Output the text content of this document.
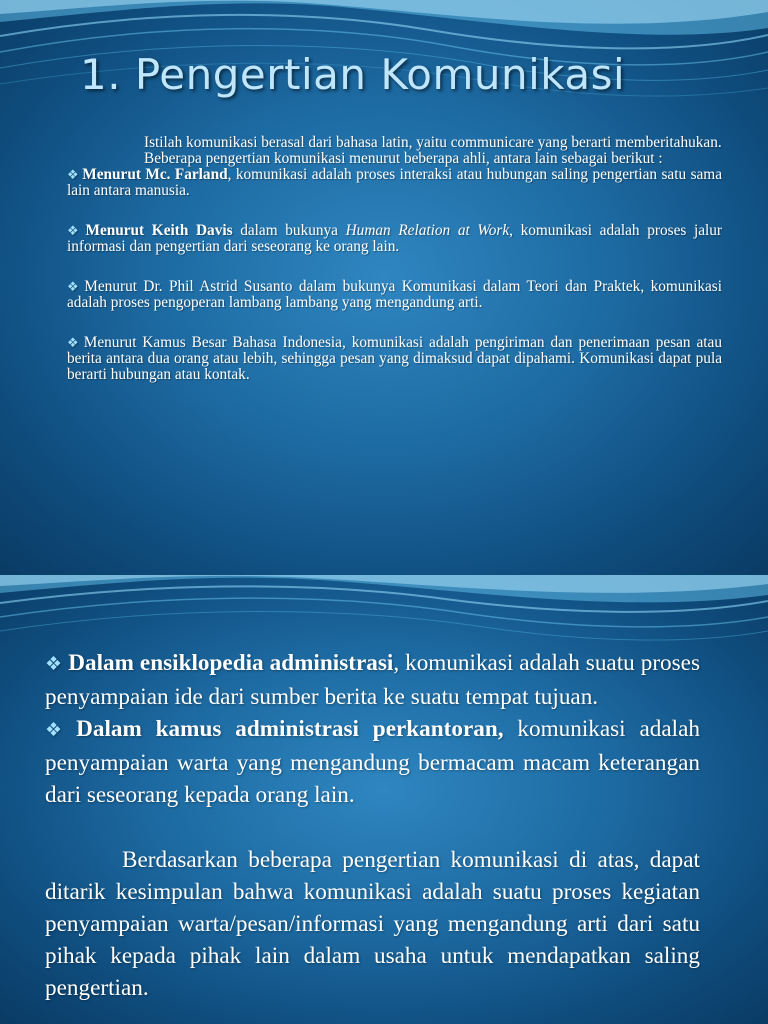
1. Pengertian Komunikasi

Istilah komunikasi berasal dari bahasa latin, yaitu communicare yang berarti memberitahukan.

Beberapa pengertian komunikasi menurut beberapa ahli, antara lain sebagai berikut :

❖ Menurut Mc. Farland, komunikasi adalah proses interaksi atau hubungan saling pengertian satu sama lain antara manusia.

❖ Menurut Keith Davis dalam bukunya Human Relation at Work, komunikasi adalah proses jalur informasi dan pengertian dari seseorang ke orang lain.

❖ Menurut Dr. Phil Astrid Susanto dalam bukunya Komunikasi dalam Teori dan Praktek, komunikasi adalah proses pengoperan lambang lambang yang mengandung arti.

❖ Menurut Kamus Besar Bahasa Indonesia, komunikasi adalah pengiriman dan penerimaan pesan atau berita antara dua orang atau lebih, sehingga pesan yang dimaksud dapat dipahami. Komunikasi dapat pula berarti hubungan atau kontak.

❖ Dalam ensiklopedia administrasi, komunikasi adalah suatu proses penyampaian ide dari sumber berita ke suatu tempat tujuan.

❖ Dalam kamus administrasi perkantoran, komunikasi adalah penyampaian warta yang mengandung bermacam macam keterangan dari seseorang kepada orang lain.

Berdasarkan beberapa pengertian komunikasi di atas, dapat ditarik kesimpulan bahwa komunikasi adalah suatu proses kegiatan penyampaian warta/pesan/informasi yang mengandung arti dari satu pihak kepada pihak lain dalam usaha untuk mendapatkan saling pengertian.
